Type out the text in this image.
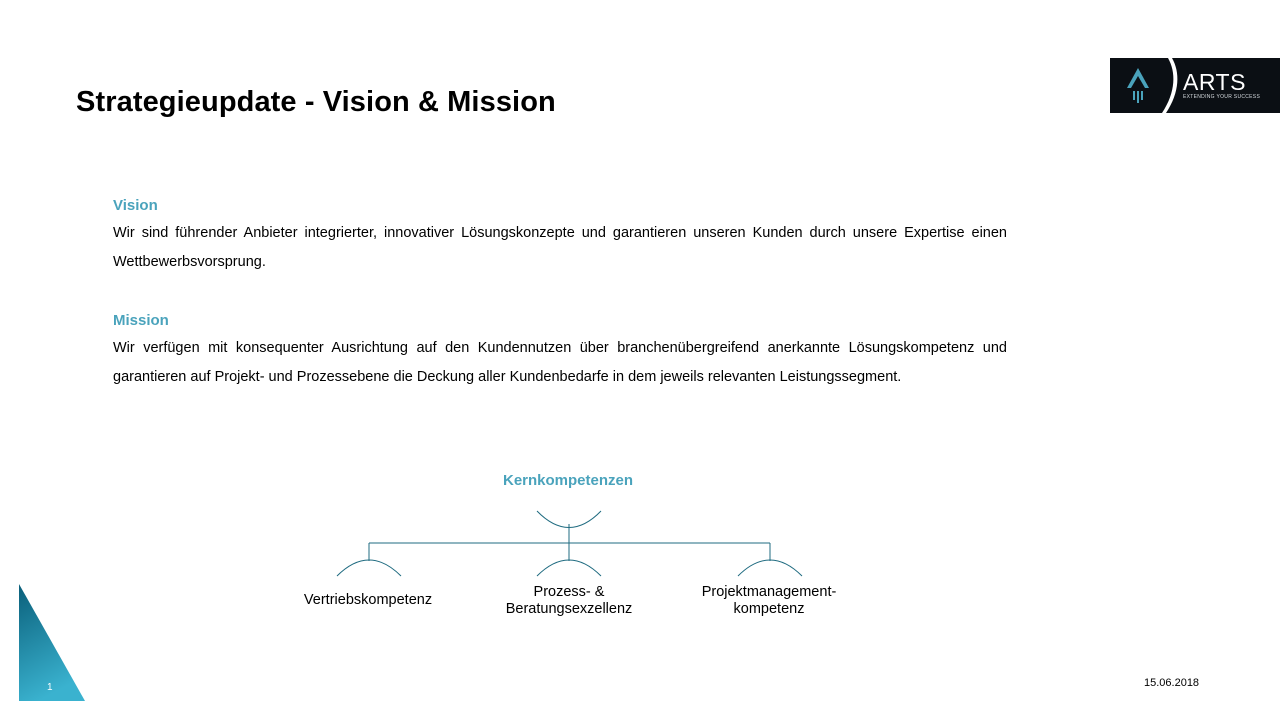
Strategieupdate - Vision & Mission
ARTS
EXTENDING YOUR SUCCESS
Vision
Wir sind führender Anbieter integrierter, innovativer Lösungskonzepte und garantieren unseren Kunden durch unsere Expertise einen Wettbewerbsvorsprung.
Mission
Wir verfügen mit konsequenter Ausrichtung auf den Kundennutzen über branchenübergreifend anerkannte Lösungskompetenz und garantieren auf Projekt- und Prozessebene die Deckung aller Kundenbedarfe in dem jeweils relevanten Leistungssegment.
Kernkompetenzen
Vertriebskompetenz	Prozess- &
Beratungsexzellenz
Projektmanagement-
kompetenz
1	15.06.2018
